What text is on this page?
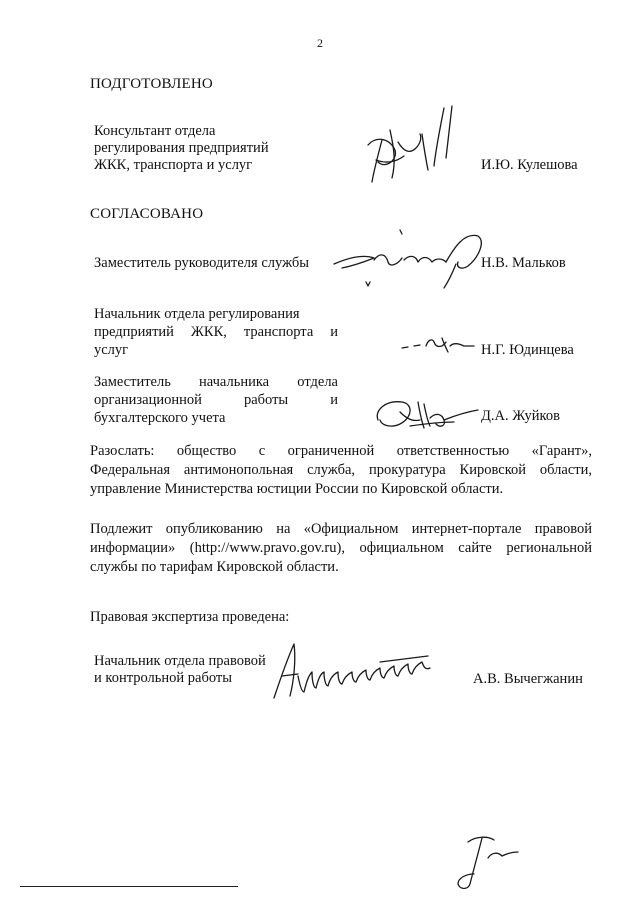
2
ПОДГОТОВЛЕНО
Консультант отдела
регулирования предприятий
ЖКК, транспорта и услуг	И.Ю. Кулешова
СОГЛАСОВАНО
Заместитель руководителя службы	Н.В. Мальков
Начальник отдела регулирования
предприятий ЖКК, транспорта и
услуг	Н.Г. Юдинцева
Заместитель начальника отдела
организационной работы и
бухгалтерского учета	Д.А. Жуйков
Разослать: общество с ограниченной ответственностью «Гарант»,
Федеральная антимонопольная служба, прокуратура Кировской области,
управление Министерства юстиции России по Кировской области.
Подлежит опубликованию на «Официальном интернет-портале правовой
информации» (http://www.pravo.gov.ru), официальном сайте региональной
службы по тарифам Кировской области.
Правовая экспертиза проведена:
Начальник отдела правовой
и контрольной работы	А.В. Вычегжанин
